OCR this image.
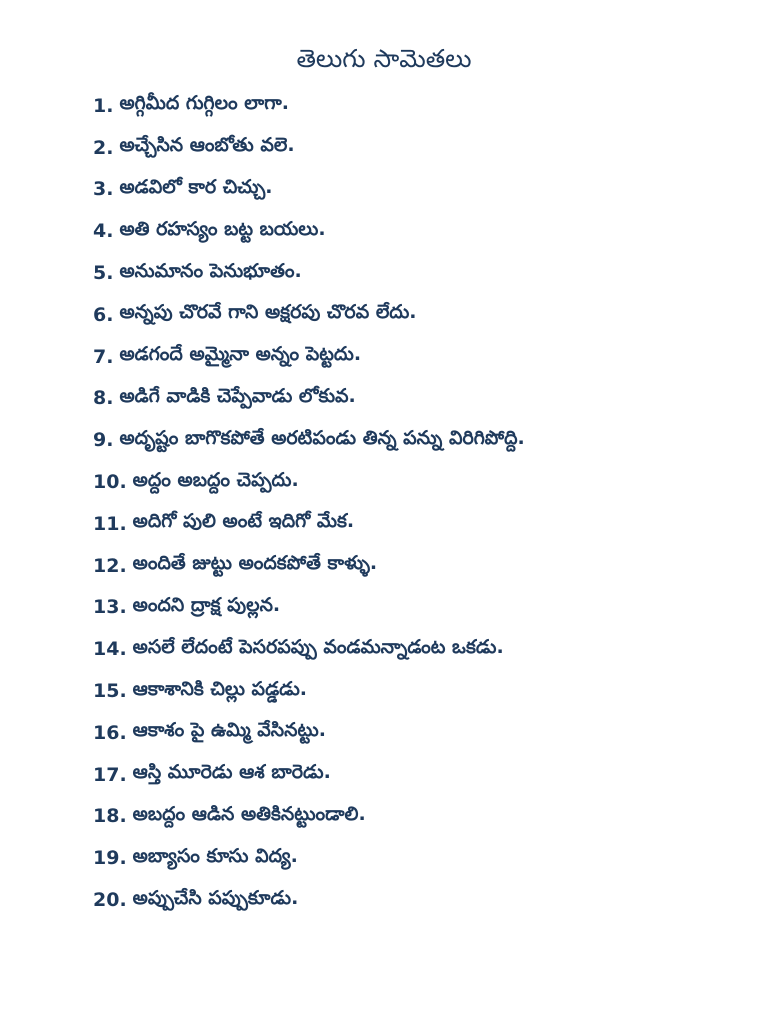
తెలుగు సామెతలు
1. అగ్గిమీద గుగ్గిలం లాగా.
2. అచ్చేసిన ఆంబోతు వలె.
3. అడవిలో కార చిచ్చు.
4. అతి రహస్యం బట్ట బయలు.
5. అనుమానం పెనుభూతం.
6. అన్నపు చొరవే గాని అక్షరపు చొరవ లేదు.
7. అడగందే అమ్మైనా అన్నం పెట్టదు.
8. అడిగే వాడికి చెప్పేవాడు లోకువ.
9. అదృష్టం బాగొకపోతే అరటిపండు తిన్న పన్ను విరిగిపోద్ది.
10. అద్దం అబద్దం చెప్పదు.
11. అదిగో పులి అంటే ఇదిగో మేక.
12. అందితే జుట్టు అందకపోతే కాళ్ళు.
13. అందని ద్రాక్ష పుల్లన.
14. అసలే లేదంటే పెసరపప్పు వండమన్నాడంట ఒకడు.
15. ఆకాశానికి చిల్లు పడ్డడు.
16. ఆకాశం పై ఉమ్మి వేసినట్టు.
17. ఆస్తి మూరెడు ఆశ బారెడు.
18. అబద్దం ఆడిన అతికినట్టుండాలి.
19. అబ్యాసం కూసు విద్య.
20. అప్పుచేసి పప్పుకూడు.
